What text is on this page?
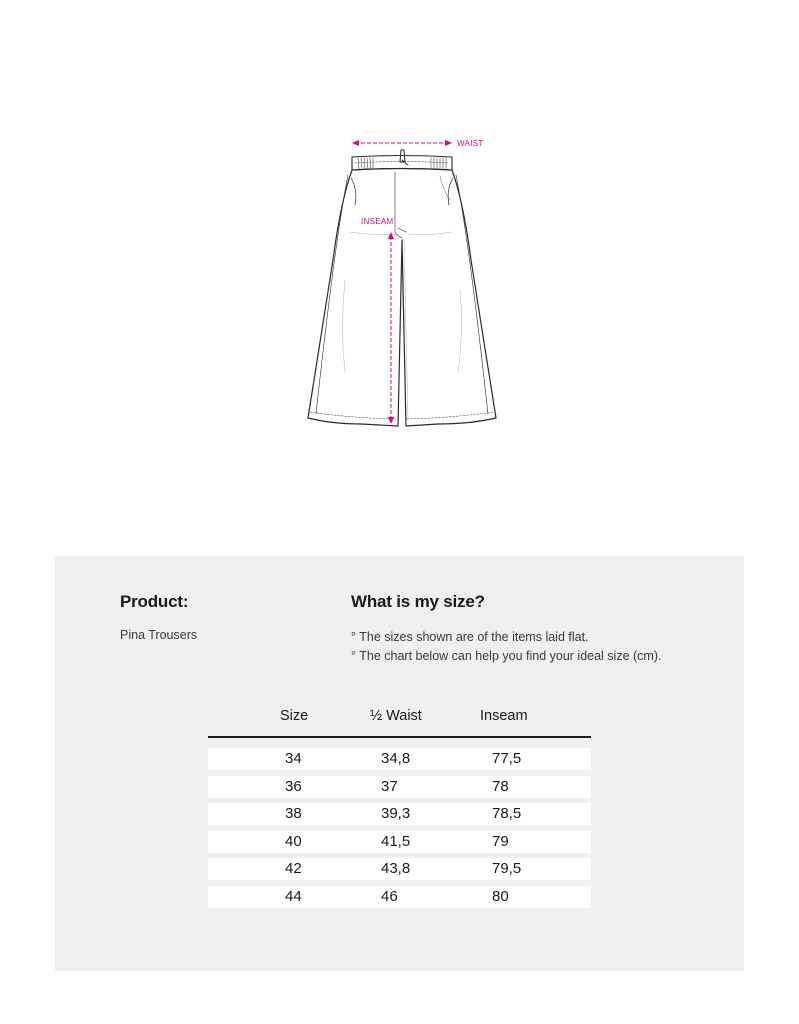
WAIST
INSEAM
Product:
Pina Trousers
What is my size?
° The sizes shown are of the items laid flat.
° The chart below can help you find your ideal size (cm).
Size	½ Waist	Inseam
34	34,8	77,5
36	37	78
38	39,3	78,5
40	41,5	79
42	43,8	79,5
44	46	80
